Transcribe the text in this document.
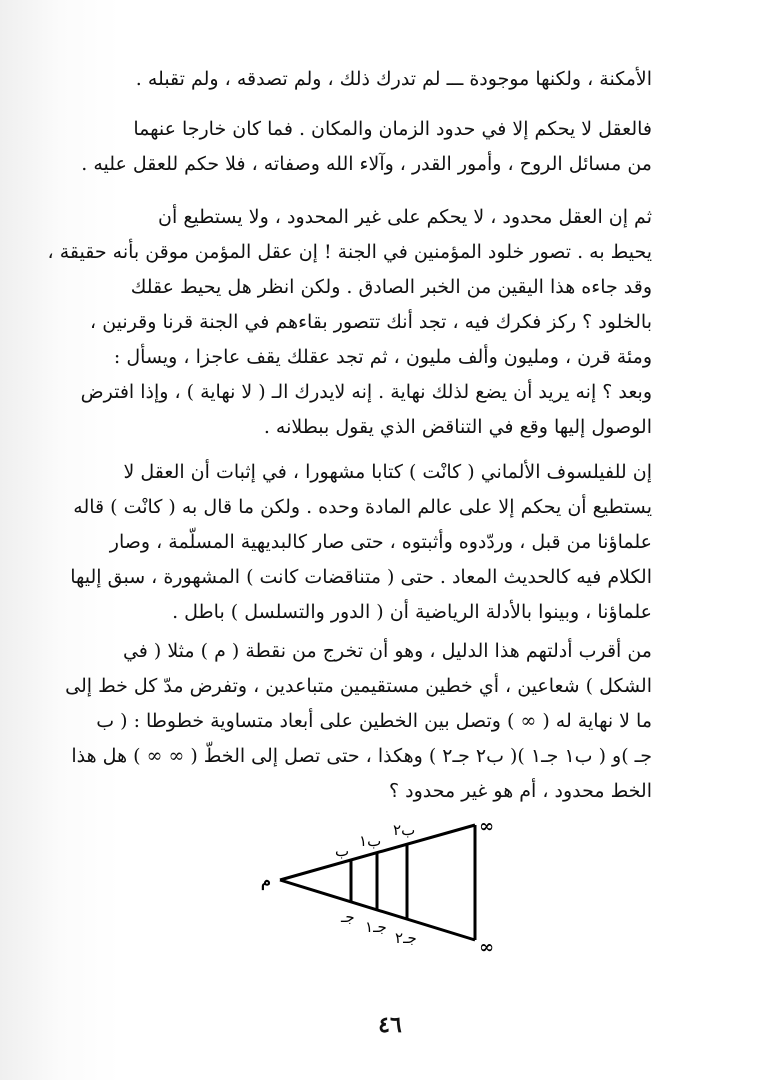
الأمكنة ، ولكنها موجودة ـــ لم تدرك ذلك ، ولم تصدقه ، ولم تقبله .

فالعقل لا يحكم إلا في حدود الزمان والمكان . فما كان خارجا عنهما
من مسائل الروح ، وأمور القدر ، وآلاء الله وصفاته ، فلا حكم للعقل عليه .

ثم إن العقل محدود ، لا يحكم على غير المحدود ، ولا يستطيع أن
يحيط به . تصور خلود المؤمنين في الجنة ! إن عقل المؤمن موقن بأنه حقيقة ،
وقد جاءه هذا اليقين من الخبر الصادق . ولكن انظر هل يحيط عقلك
بالخلود ؟ ركز فكرك فيه ، تجد أنك تتصور بقاءهم في الجنة قرنا وقرنين ،
ومئة قرن ، ومليون وألف مليون ، ثم تجد عقلك يقف عاجزا ، ويسأل :
وبعد ؟ إنه يريد أن يضع لذلك نهاية . إنه لايدرك الـ ( لا نهاية ) ، وإذا افترض
الوصول إليها وقع في التناقض الذي يقول ببطلانه .

إن للفيلسوف الألماني ( كانْت ) كتابا مشهورا ، في إثبات أن العقل لا
يستطيع أن يحكم إلا على عالم المادة وحده . ولكن ما قال به ( كانْت ) قاله
علماؤنا من قبل ، وردّدوه وأثبتوه ، حتى صار كالبديهية المسلّمة ، وصار
الكلام فيه كالحديث المعاد . حتى ( متناقضات كانت ) المشهورة ، سبق إليها
علماؤنا ، وبينوا بالأدلة الرياضية أن ( الدور والتسلسل ) باطل .

من أقرب أدلتهم هذا الدليل ، وهو أن تخرج من نقطة ( م ) مثلا ( في
الشكل ) شعاعين ، أي خطين مستقيمين متباعدين ، وتفرض مدّ كل خط إلى
ما لا نهاية له ( ∞ ) وتصل بين الخطين على أبعاد متساوية خطوطا : ( ب
جـ )و ( ب١ جـ١ )( ب٢ جـ٢ ) وهكذا ، حتى تصل إلى الخطّ ( ∞ ∞ ) هل هذا
الخط محدود ، أم هو غير محدود ؟

م
∞
∞
ب
ب١
ب٢
جـ
جـ١
جـ٢
٤٦
